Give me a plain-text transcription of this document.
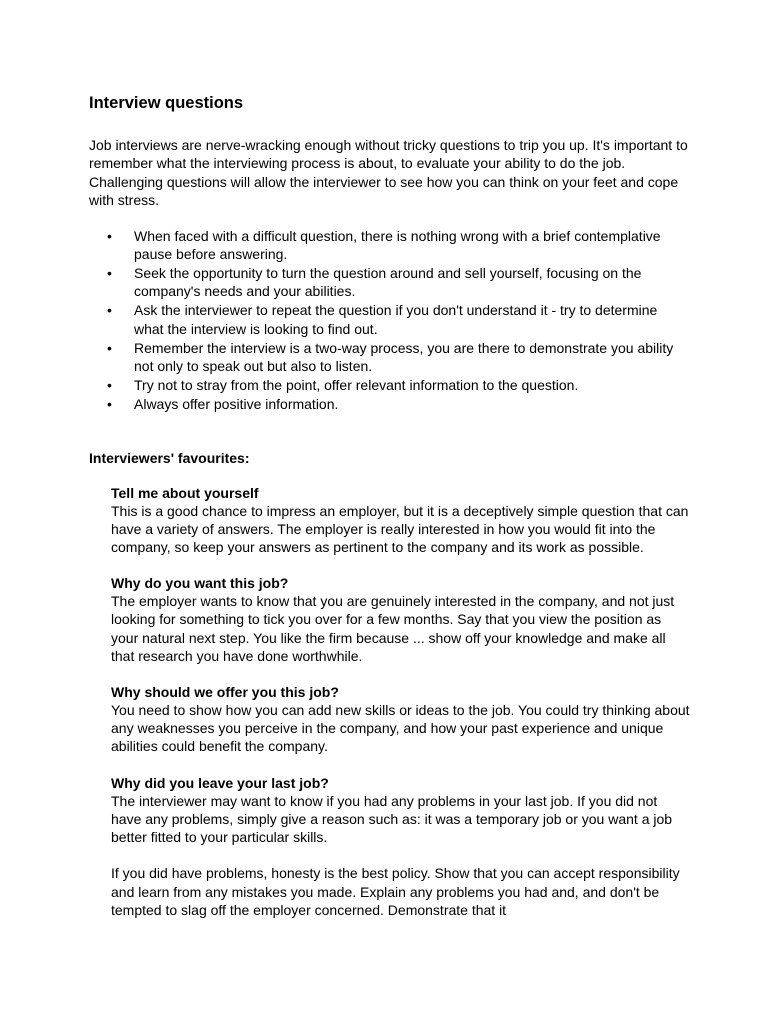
Interview questions

Job interviews are nerve-wracking enough without tricky questions to trip you up. It's important to remember what the interviewing process is about, to evaluate your ability to do the job. Challenging questions will allow the interviewer to see how you can think on your feet and cope with stress.

• When faced with a difficult question, there is nothing wrong with a brief contemplative pause before answering.
• Seek the opportunity to turn the question around and sell yourself, focusing on the company's needs and your abilities.
• Ask the interviewer to repeat the question if you don't understand it - try to determine what the interview is looking to find out.
• Remember the interview is a two-way process, you are there to demonstrate you ability not only to speak out but also to listen.
• Try not to stray from the point, offer relevant information to the question.
• Always offer positive information.

Interviewers' favourites:

Tell me about yourself

This is a good chance to impress an employer, but it is a deceptively simple question that can have a variety of answers. The employer is really interested in how you would fit into the company, so keep your answers as pertinent to the company and its work as possible.

Why do you want this job?

The employer wants to know that you are genuinely interested in the company, and not just looking for something to tick you over for a few months. Say that you view the position as your natural next step. You like the firm because ... show off your knowledge and make all that research you have done worthwhile.

Why should we offer you this job?

You need to show how you can add new skills or ideas to the job. You could try thinking about any weaknesses you perceive in the company, and how your past experience and unique abilities could benefit the company.

Why did you leave your last job?

The interviewer may want to know if you had any problems in your last job. If you did not have any problems, simply give a reason such as: it was a temporary job or you want a job better fitted to your particular skills.

If you did have problems, honesty is the best policy. Show that you can accept responsibility and learn from any mistakes you made. Explain any problems you had and, and don't be tempted to slag off the employer concerned. Demonstrate that it
